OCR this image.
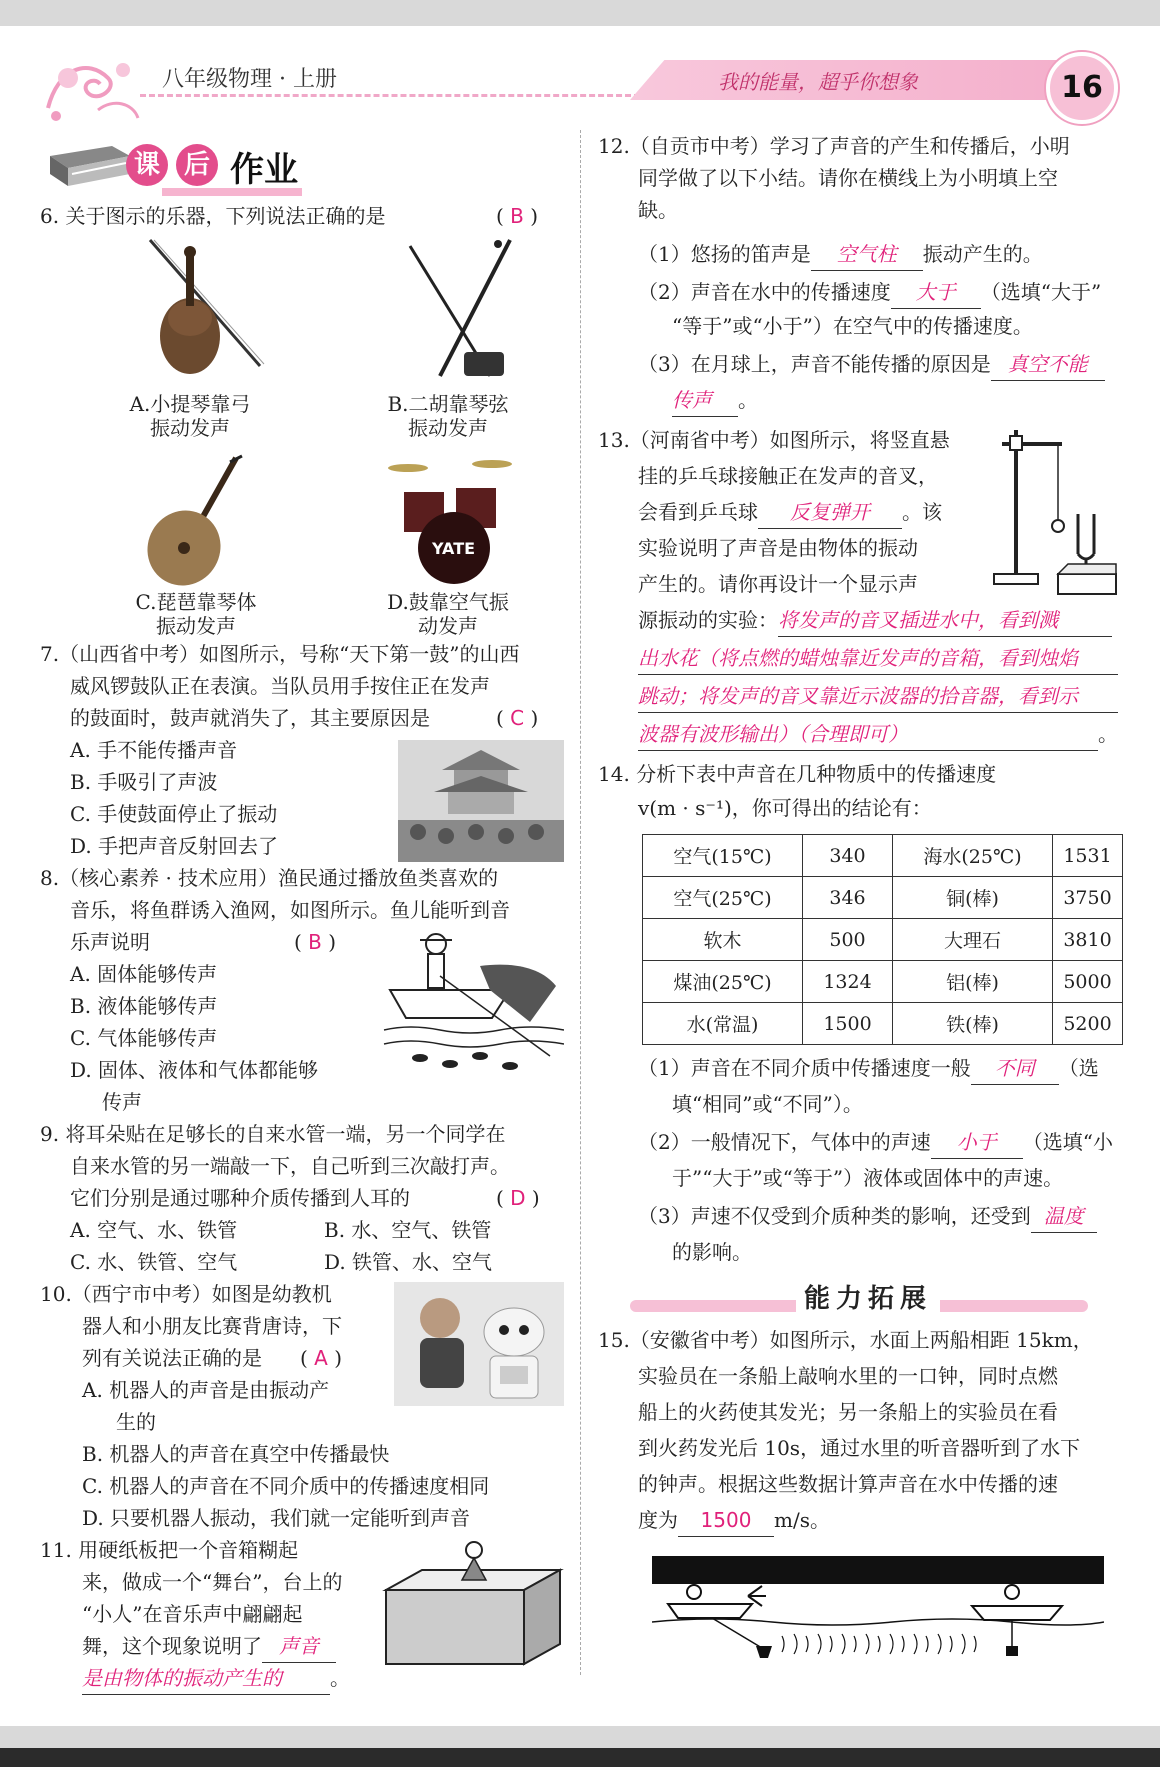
八年级物理 · 上册	我的能量，超乎你想象	16
课 后 作业
6. 关于图示的乐器，下列说法正确的是	( B )
A.小提琴靠弓
振动发声
B.二胡靠琴弦
振动发声
C.琵琶靠琴体
振动发声
YATE
D.鼓靠空气振
动发声
7.（山西省中考）如图所示，号称“天下第一鼓”的山西
威风锣鼓队正在表演。当队员用手按住正在发声
的鼓面时，鼓声就消失了，其主要原因是	( C )
A. 手不能传播声音
B. 手吸引了声波
C. 手使鼓面停止了振动
D. 手把声音反射回去了
8.（核心素养 · 技术应用）渔民通过播放鱼类喜欢的
音乐，将鱼群诱入渔网，如图所示。鱼儿能听到音
乐声说明	( B )
A. 固体能够传声
B. 液体能够传声
C. 气体能够传声
D. 固体、液体和气体都能够
传声
9. 将耳朵贴在足够长的自来水管一端，另一个同学在
自来水管的另一端敲一下，自己听到三次敲打声。
它们分别是通过哪种介质传播到人耳的	( D )
A. 空气、水、铁管	B. 水、空气、铁管
C. 水、铁管、空气	D. 铁管、水、空气
10.（西宁市中考）如图是幼教机
器人和小朋友比赛背唐诗，下
列有关说法正确的是 ( A )
A. 机器人的声音是由振动产
生的
B. 机器人的声音在真空中传播最快
C. 机器人的声音在不同介质中的传播速度相同
D. 只要机器人振动，我们就一定能听到声音
11. 用硬纸板把一个音箱糊起
来，做成一个“舞台”，台上的
“小人”在音乐声中翩翩起
舞，这个现象说明了 声音
是由物体的振动产生的 。
12.（自贡市中考）学习了声音的产生和传播后，小明
同学做了以下小结。请你在横线上为小明填上空
缺。
（1）悠扬的笛声是 空气柱 振动产生的。
（2）声音在水中的传播速度 大于 （选填“大于”
“等于”或“小于”）在空气中的传播速度。
（3）在月球上，声音不能传播的原因是 真空不能
传声 。
13.（河南省中考）如图所示，将竖直悬
挂的乒乓球接触正在发声的音叉，
会看到乒乓球 反复弹开 。该
实验说明了声音是由物体的振动
产生的。请你再设计一个显示声
源振动的实验：将发声的音叉插进水中，看到溅
出水花（将点燃的蜡烛靠近发声的音箱，看到烛焰
跳动；将发声的音叉靠近示波器的拾音器，看到示
波器有波形输出）（合理即可）	。
14. 分析下表中声音在几种物质中的传播速度
v(m · s⁻¹)，你可得出的结论有：
空气(15℃)	340	海水(25℃)	1531
空气(25℃)	346	铜(棒)	3750
软木	500	大理石	3810
煤油(25℃)	1324	铝(棒)	5000
水(常温)	1500	铁(棒)	5200
（1）声音在不同介质中传播速度一般 不同 （选
填“相同”或“不同”）。
（2）一般情况下，气体中的声速 小于 （选填“小
于”“大于”或“等于”）液体或固体中的声速。
（3）声速不仅受到介质种类的影响，还受到 温度
的影响。
能力拓展
15.（安徽省中考）如图所示，水面上两船相距 15km，
实验员在一条船上敲响水里的一口钟，同时点燃
船上的火药使其发光；另一条船上的实验员在看
到火药发光后 10s，通过水里的听音器听到了水下
的钟声。根据这些数据计算声音在水中传播的速
度为 1500 m/s。
